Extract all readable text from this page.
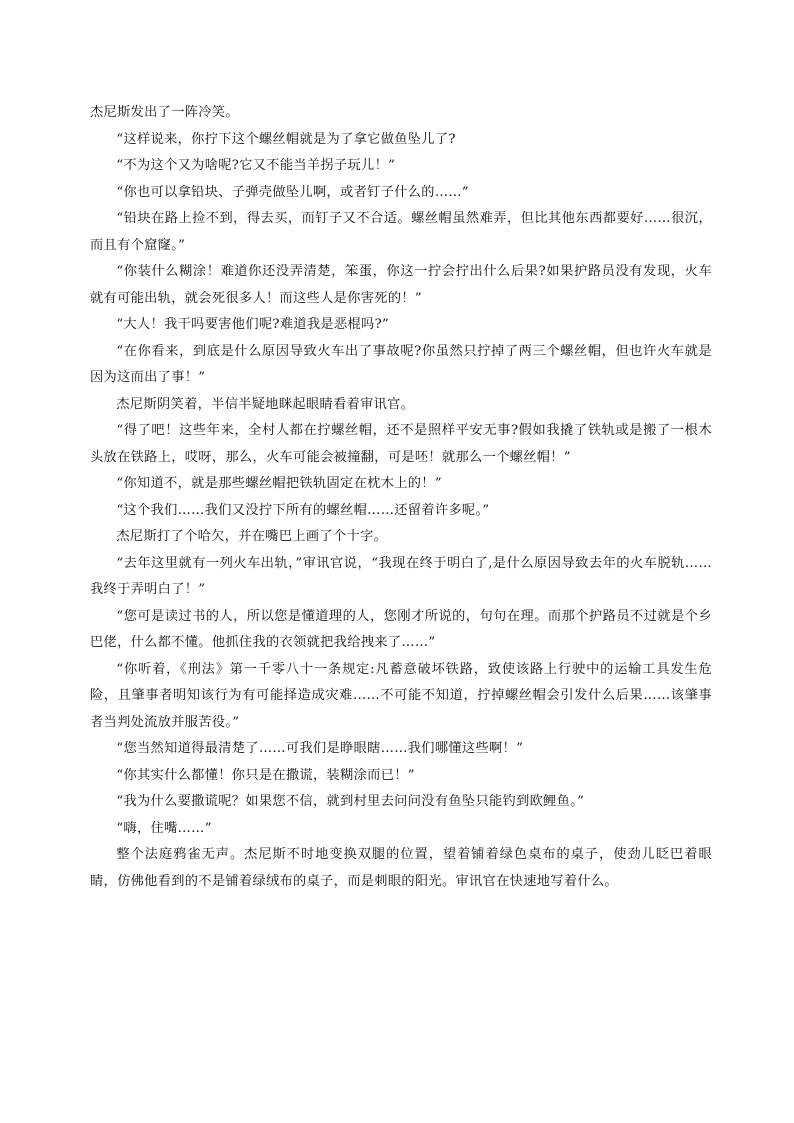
杰尼斯发出了一阵冷笑。

“这样说来，你拧下这个螺丝帽就是为了拿它做鱼坠儿了?

“不为这个又为啥呢?它又不能当羊拐子玩儿！”

“你也可以拿铅块、子弹壳做坠儿啊，或者钉子什么的……”

“铅块在路上捡不到，得去买，而钉子又不合适。螺丝帽虽然难弄，但比其他东西都要好……很沉，而且有个窟窿。”

“你装什么糊涂！难道你还没弄清楚，笨蛋，你这一拧会拧出什么后果?如果护路员没有发现，火车就有可能出轨，就会死很多人！而这些人是你害死的！”

“大人！我干吗要害他们呢?难道我是恶棍吗?”

“在你看来，到底是什么原因导致火车出了事故呢?你虽然只拧掉了两三个螺丝帽，但也许火车就是因为这而出了事！”

杰尼斯阴笑着，半信半疑地眯起眼睛看着审讯官。

“得了吧！这些年来，全村人都在拧螺丝帽，还不是照样平安无事?假如我撬了铁轨或是搬了一根木头放在铁路上，哎呀，那么，火车可能会被撞翻，可是呸！就那么一个螺丝帽！”

“你知道不，就是那些螺丝帽把铁轨固定在枕木上的！”

“这个我们……我们又没拧下所有的螺丝帽……还留着许多呢。”

杰尼斯打了个哈欠，并在嘴巴上画了个十字。

“去年这里就有一列火车出轨，”审讯官说，“我现在终于明白了,是什么原因导致去年的火车脱轨……我终于弄明白了！”

“您可是读过书的人，所以您是懂道理的人，您刚才所说的，句句在理。而那个护路员不过就是个乡巴佬，什么都不懂。他抓住我的衣领就把我给拽来了……”

“你听着，《刑法》第一千零八十一条规定:凡蓄意破坏铁路，致使该路上行驶中的运输工具发生危险，且肇事者明知该行为有可能择造成灾难……不可能不知道，拧掉螺丝帽会引发什么后果……该肇事者当判处流放并服苦役。”

“您当然知道得最清楚了……可我们是睁眼瞎……我们哪懂这些啊！”

“你其实什么都懂！你只是在撒谎，装糊涂而已！”

“我为什么要撒谎呢？如果您不信，就到村里去问问没有鱼坠只能钓到欧鲤鱼。”

“嗨，住嘴……”

整个法庭鸦雀无声。杰尼斯不时地变换双腿的位置，望着铺着绿色桌布的桌子，使劲儿眨巴着眼睛，仿佛他看到的不是铺着绿绒布的桌子，而是刺眼的阳光。审讯官在快速地写着什么。
